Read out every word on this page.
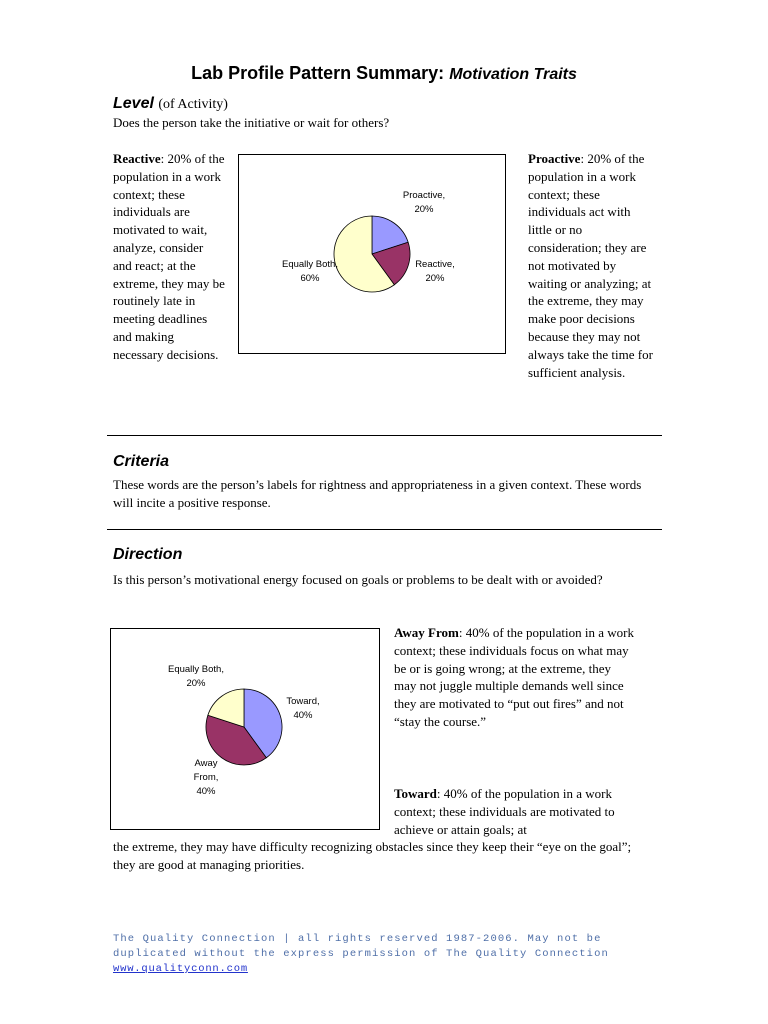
Lab Profile Pattern Summary: Motivation Traits
Level (of Activity)
Does the person take the initiative or wait for others?
Reactive: 20% of the population in a work context; these individuals are motivated to wait, analyze, consider and react; at the extreme, they may be routinely late in meeting deadlines and making necessary decisions.
Proactive, 20%
Reactive, 20%
Equally Both, 60%
Proactive: 20% of the population in a work context; these individuals act with little or no consideration; they are not motivated by waiting or analyzing; at the extreme, they may make poor decisions because they may not always take the time for sufficient analysis.
Criteria
These words are the person’s labels for rightness and appropriateness in a given context. These words will incite a positive response.
Direction
Is this person’s motivational energy focused on goals or problems to be dealt with or avoided?
Equally Both, 20%
Toward, 40%
Away From, 40%
Away From: 40% of the population in a work context; these individuals focus on what may be or is going wrong; at the extreme, they may not juggle multiple demands well since they are motivated to “put out fires” and not “stay the course.”
Toward: 40% of the population in a work context; these individuals are motivated to achieve or attain goals; at
the extreme, they may have difficulty recognizing obstacles since they keep their “eye on the goal”; they are good at managing priorities.
The Quality Connection | all rights reserved 1987-2006. May not be duplicated without the express permission of The Quality Connection www.qualityconn.com
